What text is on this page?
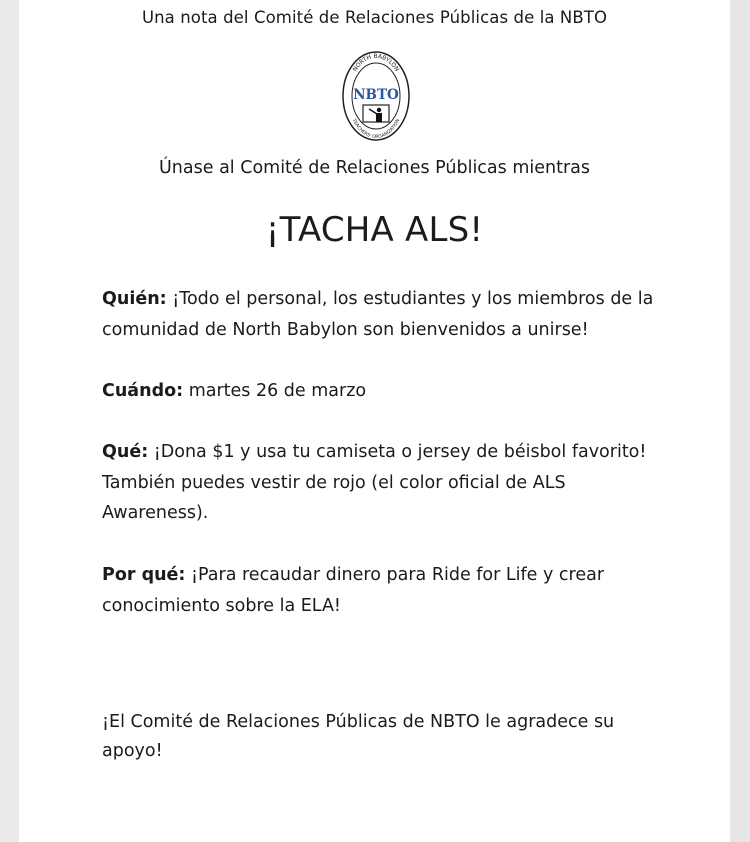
Una nota del Comité de Relaciones Públicas de la NBTO
NORTH BABYLON
TEACHERS' ORGANIZATION
NBTO
Únase al Comité de Relaciones Públicas mientras
¡TACHA ALS!
Quién: ¡Todo el personal, los estudiantes y los miembros de la comunidad de North Babylon son bienvenidos a unirse!
Cuándo: martes 26 de marzo
Qué: ¡Dona $1 y usa tu camiseta o jersey de béisbol favorito! También puedes vestir de rojo (el color oficial de ALS Awareness).
Por qué: ¡Para recaudar dinero para Ride for Life y crear conocimiento sobre la ELA!
¡El Comité de Relaciones Públicas de NBTO le agradece su apoyo!
